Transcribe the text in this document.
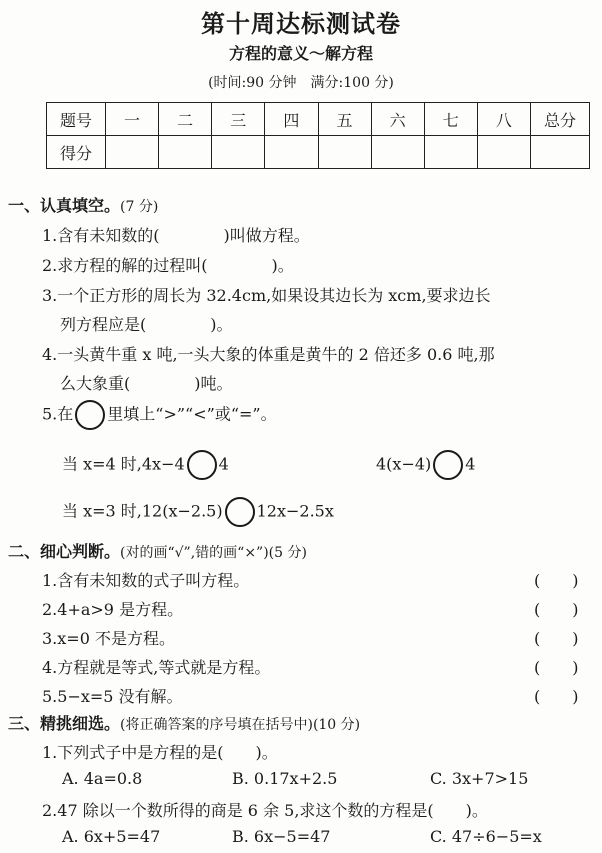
第十周达标测试卷
方程的意义～解方程
(时间:90 分钟　满分:100 分)
题号	一	二	三	四	五	六	七	八	总分
得分									
一、认真填空。(7 分)
1.含有未知数的(　　　　)叫做方程。
2.求方程的解的过程叫(　　　　)。
3.一个正方形的周长为 32.4cm,如果设其边长为 xcm,要求边长
列方程应是(　　　　)。
4.一头黄牛重 x 吨,一头大象的体重是黄牛的 2 倍还多 0.6 吨,那
么大象重(　　　　)吨。
5.在 里填上“>”“<”或“=”。
当 x=4 时,4x−4 4	4(x−4) 4
当 x=3 时,12(x−2.5) 12x−2.5x
二、细心判断。(对的画“√”,错的画“×”)(5 分)
1.含有未知数的式子叫方程。	(　　)
2.4+a>9 是方程。	(　　)
3.x=0 不是方程。	(　　)
4.方程就是等式,等式就是方程。	(　　)
5.5−x=5 没有解。	(　　)
三、精挑细选。(将正确答案的序号填在括号中)(10 分)
1.下列式子中是方程的是(　　)。
A. 4a=0.8	B. 0.17x+2.5	C. 3x+7>15
2.47 除以一个数所得的商是 6 余 5,求这个数的方程是(　　)。
A. 6x+5=47	B. 6x−5=47	C. 47÷6−5=x
